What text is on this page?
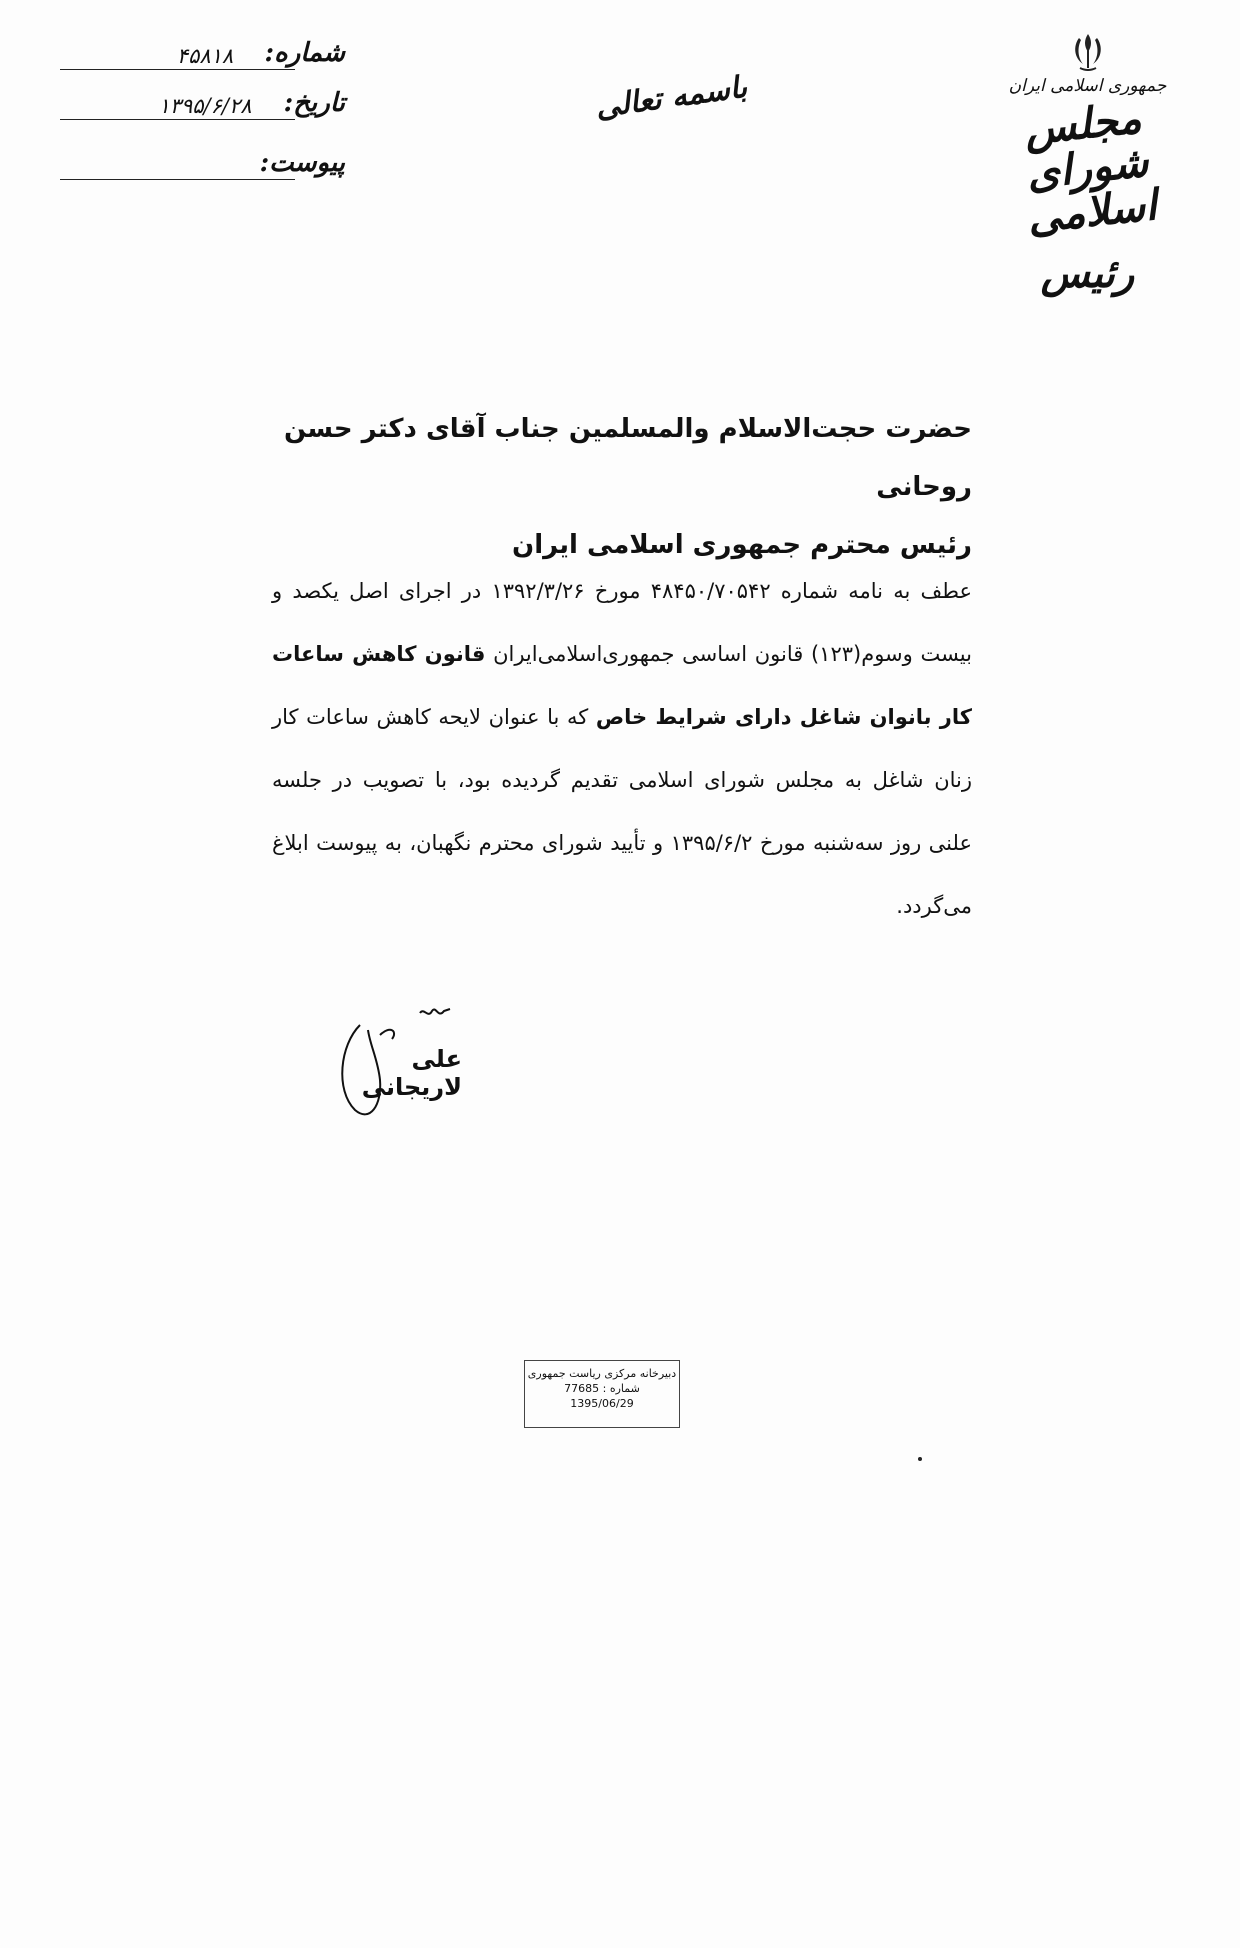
شماره:
۴۵۸۱۸
تاریخ:
۱۳۹۵/۶/۲۸
پیوست:
باسمه تعالی	جمهوری اسلامی ایران
مجلس شورای اسلامی
رئیس
حضرت حجت‌الاسلام والمسلمین جناب آقای دکتر حسن روحانی
رئیس محترم جمهوری اسلامی ایران
عطف به نامه شماره ۴۸۴۵۰/۷۰۵۴۲ مورخ ۱۳۹۲/۳/۲۶ در اجرای اصل یکصد و بیست وسوم(۱۲۳) قانون اساسی جمهوری‌اسلامی‌ایران قانون کاهش ساعات کار بانوان شاغل دارای شرایط خاص که با عنوان لایحه کاهش ساعات کار زنان شاغل به مجلس شورای اسلامی تقدیم گردیده بود، با تصویب در جلسه علنی روز سه‌شنبه مورخ ۱۳۹۵/۶/۲ و تأیید شورای محترم نگهبان، به پیوست ابلاغ می‌گردد.
علی لاریجانی
دبیرخانه مرکزی ریاست جمهوری
شماره : 77685
1395/06/29
